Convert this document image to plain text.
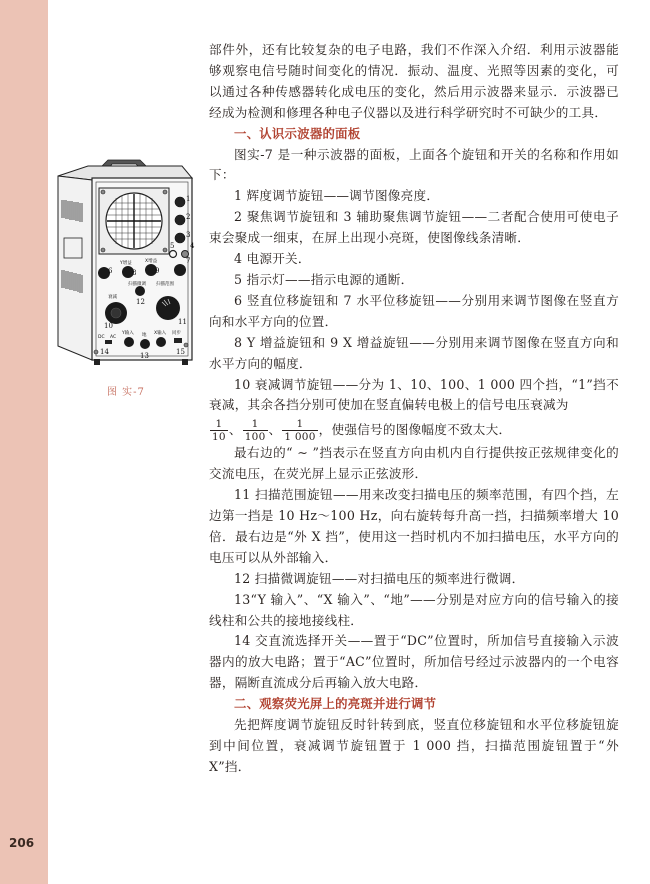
206
1
2
3
5 4
6	8	9
7
10	11
12
13
14	15
Y增益	X增益
衰减
扫描微调 扫描范围
Y输入 地 X输入 同步
DC AC
图 实-7

部件外，还有比较复杂的电子电路，我们不作深入介绍．利用示波器能够观察电信号随时间变化的情况．振动、温度、光照等因素的变化，可以通过各种传感器转化成电压的变化，然后用示波器来显示．示波器已经成为检测和修理各种电子仪器以及进行科学研究时不可缺少的工具．

一、认识示波器的面板

图实-7 是一种示波器的面板，上面各个旋钮和开关的名称和作用如下：

1 辉度调节旋钮——调节图像亮度．

2 聚焦调节旋钮和 3 辅助聚焦调节旋钮——二者配合使用可使电子束会聚成一细束，在屏上出现小亮斑，使图像线条清晰．

4 电源开关．

5 指示灯——指示电源的通断．

6 竖直位移旋钮和 7 水平位移旋钮——分别用来调节图像在竖直方向和水平方向的位置．

8 Y 增益旋钮和 9 X 增益旋钮——分别用来调节图像在竖直方向和水平方向的幅度．

10 衰减调节旋钮——分为 1、10、100、1 000 四个挡，“1”挡不衰减，其余各挡分别可使加在竖直偏转电极上的信号电压衰减为

$\frac{1}{10}$ 、 $\frac{1}{100}$ 、 $\frac{1}{1 000}$ ，使强信号的图像幅度不致太大．

最右边的“ ∼ ”挡表示在竖直方向由机内自行提供按正弦规律变化的交流电压，在荧光屏上显示正弦波形．

11 扫描范围旋钮——用来改变扫描电压的频率范围，有四个挡，左边第一挡是 10 Hz～100 Hz，向右旋转每升高一挡，扫描频率增大 10 倍．最右边是“外 X 挡”，使用这一挡时机内不加扫描电压，水平方向的电压可以从外部输入．

12 扫描微调旋钮——对扫描电压的频率进行微调．

13“Y 输入”、“X 输入”、“地”——分别是对应方向的信号输入的接线柱和公共的接地接线柱．

14 交直流选择开关——置于“DC”位置时，所加信号直接输入示波器内的放大电路；置于“AC”位置时，所加信号经过示波器内的一个电容器，隔断直流成分后再输入放大电路．

二、观察荧光屏上的亮斑并进行调节

先把辉度调节旋钮反时针转到底，竖直位移旋钮和水平位移旋钮旋到中间位置，衰减调节旋钮置于 1 000 挡，扫描范围旋钮置于“外 X”挡．
